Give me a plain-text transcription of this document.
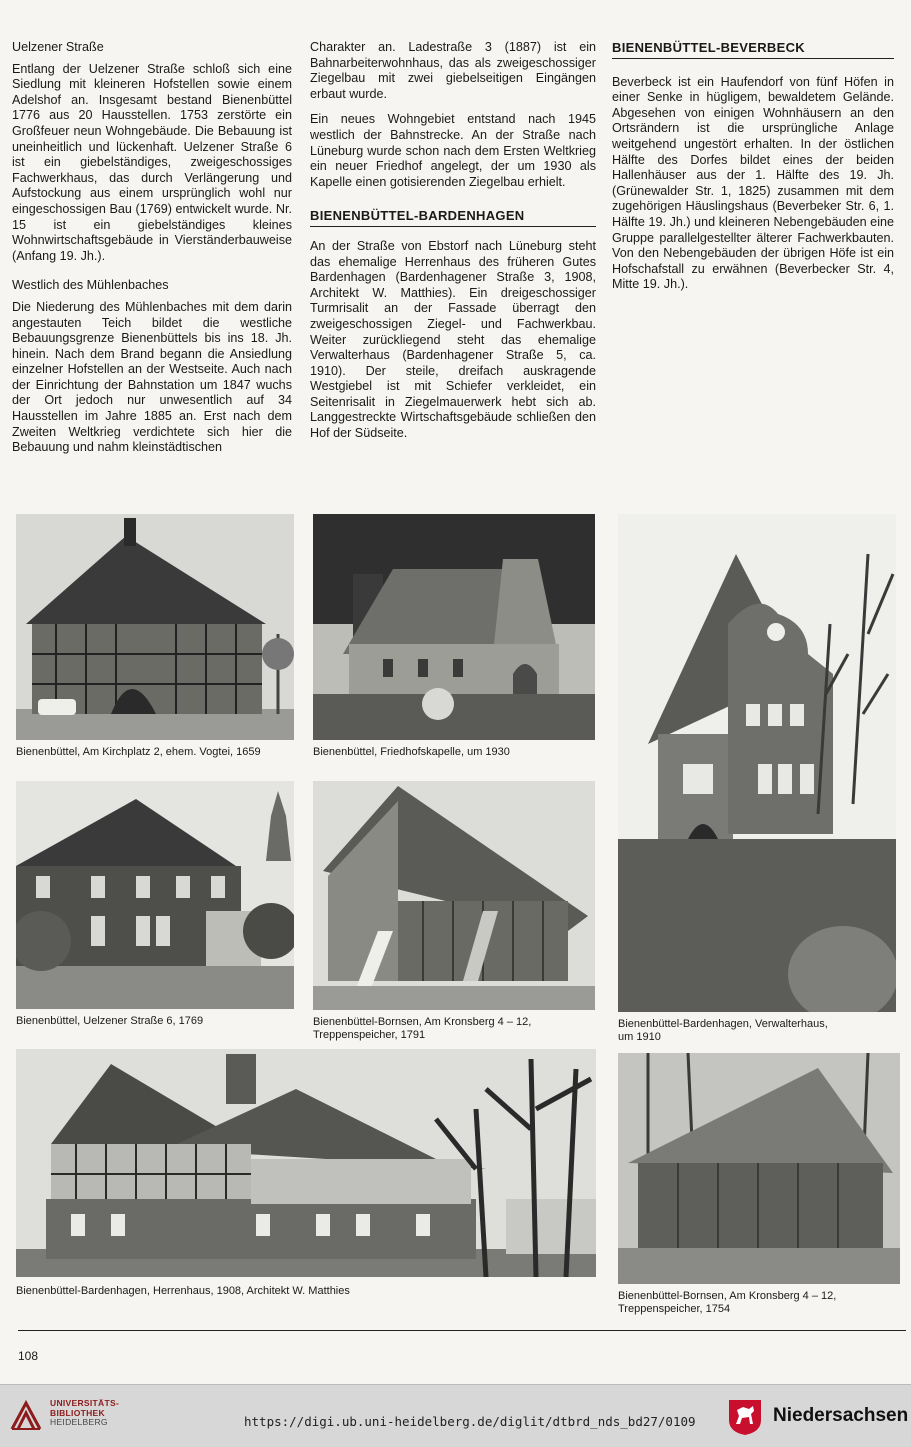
Uelzener Straße

Entlang der Uelzener Straße schloß sich eine Siedlung mit kleineren Hofstellen sowie einem Adelshof an. Insgesamt bestand Bienenbüttel 1776 aus 20 Hausstellen. 1753 zerstörte ein Großfeuer neun Wohngebäude. Die Bebauung ist uneinheitlich und lückenhaft. Uelzener Straße 6 ist ein giebelständiges, zweigeschossiges Fachwerkhaus, das durch Verlängerung und Aufstockung aus einem ursprünglich wohl nur eingeschossigen Bau (1769) entwickelt wurde. Nr. 15 ist ein giebelständiges kleines Wohnwirtschaftsgebäude in Vierständerbauweise (Anfang 19. Jh.).

Westlich des Mühlenbaches

Die Niederung des Mühlenbaches mit dem darin angestauten Teich bildet die westliche Bebauungsgrenze Bienenbüttels bis ins 18. Jh. hinein. Nach dem Brand begann die Ansiedlung einzelner Hofstellen an der Westseite. Auch nach der Einrichtung der Bahnstation um 1847 wuchs der Ort jedoch nur unwesentlich auf 34 Hausstellen im Jahre 1885 an. Erst nach dem Zweiten Weltkrieg verdichtete sich hier die Bebauung und nahm kleinstädtischen

Charakter an. Ladestraße 3 (1887) ist ein Bahnarbeiterwohnhaus, das als zweigeschossiger Ziegelbau mit zwei giebelseitigen Eingängen erbaut wurde.

Ein neues Wohngebiet entstand nach 1945 westlich der Bahnstrecke. An der Straße nach Lüneburg wurde schon nach dem Ersten Weltkrieg ein neuer Friedhof angelegt, der um 1930 als Kapelle einen gotisierenden Ziegelbau erhielt.

BIENENBÜTTEL-BARDENHAGEN

An der Straße von Ebstorf nach Lüneburg steht das ehemalige Herrenhaus des früheren Gutes Bardenhagen (Bardenhagener Straße 3, 1908, Architekt W. Matthies). Ein dreigeschossiger Turmrisalit an der Fassade überragt den zweigeschossigen Ziegel- und Fachwerkbau. Weiter zurückliegend steht das ehemalige Verwalterhaus (Bardenhagener Straße 5, ca. 1910). Der steile, dreifach auskragende Westgiebel ist mit Schiefer verkleidet, ein Seitenrisalit in Ziegelmauerwerk hebt sich ab. Langgestreckte Wirtschaftsgebäude schließen den Hof der Südseite.

BIENENBÜTTEL-BEVERBECK

Beverbeck ist ein Haufendorf von fünf Höfen in einer Senke in hügligem, bewaldetem Gelände. Abgesehen von einigen Wohnhäusern an den Ortsrändern ist die ursprüngliche Anlage weitgehend ungestört erhalten. In der östlichen Hälfte des Dorfes bildet eines der beiden Hallenhäuser aus der 1. Hälfte des 19. Jh. (Grünewalder Str. 1, 1825) zusammen mit dem zugehörigen Häuslingshaus (Beverbeker Str. 6, 1. Hälfte 19. Jh.) und kleineren Nebengebäuden eine Gruppe parallelgestellter älterer Fachwerkbauten. Von den Nebengebäuden der übrigen Höfe ist ein Hofschafstall zu erwähnen (Beverbecker Str. 4, Mitte 19. Jh.).

Bienenbüttel, Am Kirchplatz 2, ehem. Vogtei, 1659	Bienenbüttel, Friedhofskapelle, um 1930
Bienenbüttel-Bardenhagen, Verwalterhaus,
um 1910
Bienenbüttel, Uelzener Straße 6, 1769	Bienenbüttel-Bornsen, Am Kronsberg 4 – 12,
Treppenspeicher, 1791
Bienenbüttel-Bardenhagen, Herrenhaus, 1908, Architekt W. Matthies	Bienenbüttel-Bornsen, Am Kronsberg 4 – 12,
Treppenspeicher, 1754
108
UNIVERSITÄTS-
BIBLIOTHEK
HEIDELBERG	https://digi.ub.uni-heidelberg.de/diglit/dtbrd_nds_bd27/0109	Niedersachsen
